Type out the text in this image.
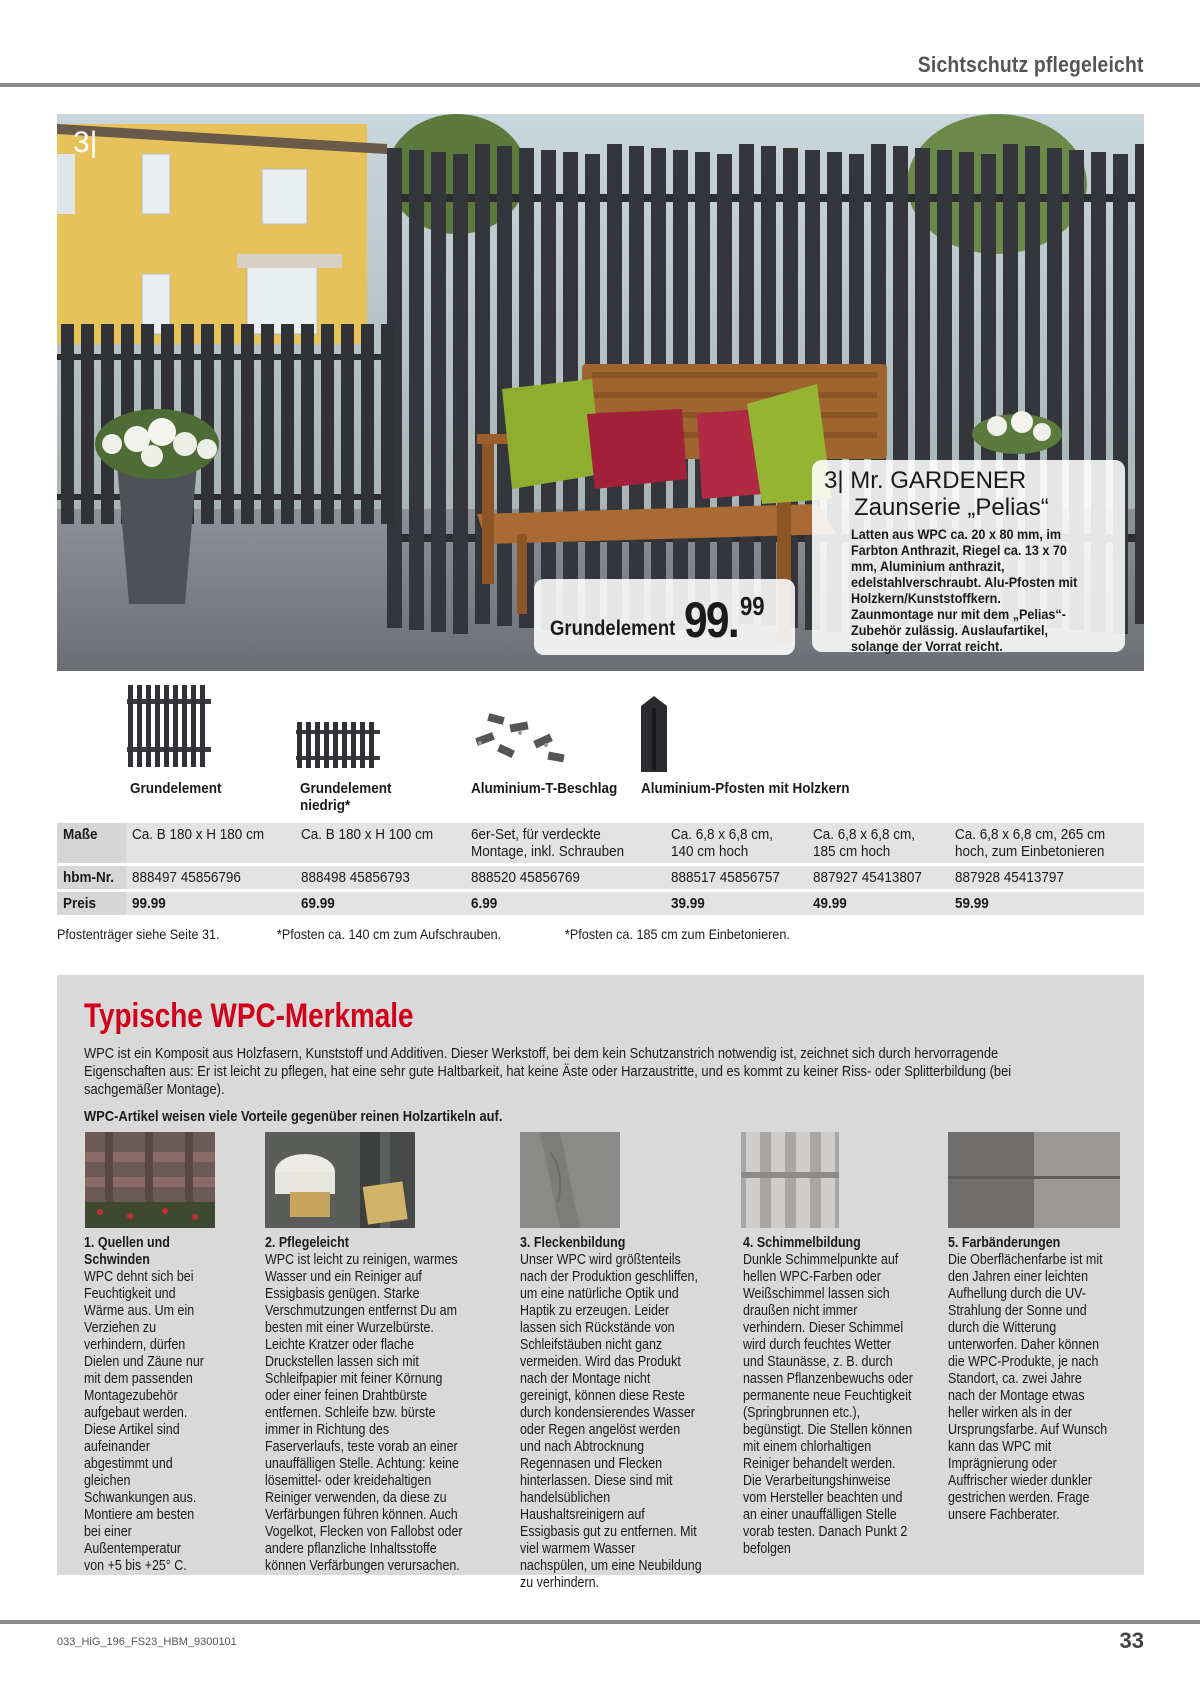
Sichtschutz pflegeleicht
3|
Grundelement 99. 99
3| Mr. GARDENER
Zaunserie „Pelias“
Latten aus WPC ca. 20 x 80 mm, im Farbton Anthrazit, Riegel ca. 13 x 70 mm, Aluminium anthrazit, edelstahlverschraubt. Alu-Pfosten mit Holzkern/Kunststoffkern. Zaunmontage nur mit dem „Pelias“-Zubehör zulässig. Auslaufartikel, solange der Vorrat reicht.
Grundelement	Grundelement niedrig*
Aluminium-T-Beschlag Aluminium-Pfosten mit Holzkern
Maße	Ca. B 180 x H 180 cm	Ca. B 180 x H 100 cm	6er-Set, für verdeckte Montage, inkl. Schrauben	Ca. 6,8 x 6,8 cm, 140 cm hoch	Ca. 6,8 x 6,8 cm, 185 cm hoch	Ca. 6,8 x 6,8 cm, 265 cm hoch, zum Einbetonieren
hbm-Nr.	888497 45856796	888498 45856793	888520 45856769	888517 45856757	887927 45413807	887928 45413797
Preis	99.99	69.99	6.99	39.99	49.99	59.99
Pfostenträger siehe Seite 31.	*Pfosten ca. 140 cm zum Aufschrauben.	*Pfosten ca. 185 cm zum Einbetonieren.
Typische WPC-Merkmale
WPC ist ein Komposit aus Holzfasern, Kunststoff und Additiven. Dieser Werkstoff, bei dem kein Schutzanstrich notwendig ist, zeichnet sich durch hervorragende Eigenschaften aus: Er ist leicht zu pflegen, hat eine sehr gute Haltbarkeit, hat keine Äste oder Harzaustritte, und es kommt zu keiner Riss- oder Splitterbildung (bei sachgemäßer Montage).
WPC-Artikel weisen viele Vorteile gegenüber reinen Holzartikeln auf.
1. Quellen und Schwinden
WPC dehnt sich bei Feuchtigkeit und Wärme aus. Um ein Verziehen zu verhindern, dürfen Dielen und Zäune nur mit dem passenden Montagezubehör aufgebaut werden. Diese Artikel sind aufeinander abgestimmt und gleichen Schwankungen aus. Montiere am besten bei einer Außentemperatur von +5 bis +25° C.
2. Pflegeleicht
WPC ist leicht zu reinigen, warmes Wasser und ein Reiniger auf Essigbasis genügen. Starke Verschmutzungen entfernst Du am besten mit einer Wurzelbürste. Leichte Kratzer oder flache Druckstellen lassen sich mit Schleifpapier mit feiner Körnung oder einer feinen Drahtbürste entfernen. Schleife bzw. bürste immer in Richtung des Faserverlaufs, teste vorab an einer unauffälligen Stelle. Achtung: keine lösemittel- oder kreidehaltigen Reiniger verwenden, da diese zu Verfärbungen führen können. Auch Vogelkot, Flecken von Fallobst oder andere pflanzliche Inhaltsstoffe können Verfärbungen verursachen.
3. Fleckenbildung
Unser WPC wird größtenteils nach der Produktion geschliffen, um eine natürliche Optik und Haptik zu erzeugen. Leider lassen sich Rückstände von Schleifstäuben nicht ganz vermeiden. Wird das Produkt nach der Montage nicht gereinigt, können diese Reste durch kondensierendes Wasser oder Regen angelöst werden und nach Abtrocknung Regennasen und Flecken hinterlassen. Diese sind mit handelsüblichen Haushaltsreinigern auf Essigbasis gut zu entfernen. Mit viel warmem Wasser nachspülen, um eine Neubildung zu verhindern.
4. Schimmelbildung
Dunkle Schimmelpunkte auf hellen WPC-Farben oder Weißschimmel lassen sich draußen nicht immer verhindern. Dieser Schimmel wird durch feuchtes Wetter und Staunässe, z. B. durch nassen Pflanzenbewuchs oder permanente neue Feuchtigkeit (Springbrunnen etc.), begünstigt. Die Stellen können mit einem chlorhaltigen Reiniger behandelt werden. Die Verarbeitungshinweise vom Hersteller beachten und an einer unauffälligen Stelle vorab testen. Danach Punkt 2 befolgen
5. Farbänderungen
Die Oberflächenfarbe ist mit den Jahren einer leichten Aufhellung durch die UV-Strahlung der Sonne und durch die Witterung unterworfen. Daher können die WPC-Produkte, je nach Standort, ca. zwei Jahre nach der Montage etwas heller wirken als in der Ursprungsfarbe. Auf Wunsch kann das WPC mit Imprägnierung oder Auffrischer wieder dunkler gestrichen werden. Frage unsere Fachberater.
033_HiG_196_FS23_HBM_9300101	33
